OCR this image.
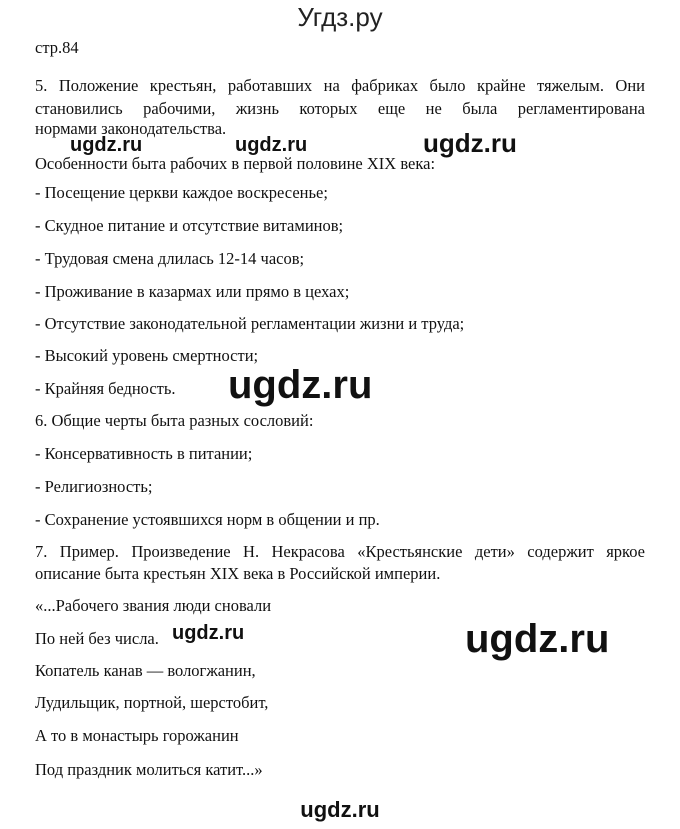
Угдз.ру
стр.84
5. Положение крестьян, работавших на фабриках было крайне тяжелым. Они
становились рабочими, жизнь которых еще не была регламентирована
нормами законодательства.
ugdz.ru	ugdz.ru	ugdz.ru
Особенности быта рабочих в первой половине XIX века:
- Посещение церкви каждое воскресенье;
- Скудное питание и отсутствие витаминов;
- Трудовая смена длилась 12-14 часов;
- Проживание в казармах или прямо в цехах;
- Отсутствие законодательной регламентации жизни и труда;
- Высокий уровень смертности;
- Крайняя бедность. ugdz.ru
6. Общие черты быта разных сословий:
- Консервативность в питании;
- Религиозность;
- Сохранение устоявшихся норм в общении и пр.
7. Пример. Произведение Н. Некрасова «Крестьянские дети» содержит яркое
описание быта крестьян XIX века в Российской империи.
«...Рабочего звания люди сновали
По ней без числа.
Копатель канав — вологжанин,
Лудильщик, портной, шерстобит,
А то в монастырь горожанин
Под праздник молиться катит...»
ugdz.ru	ugdz.ru
ugdz.ru
